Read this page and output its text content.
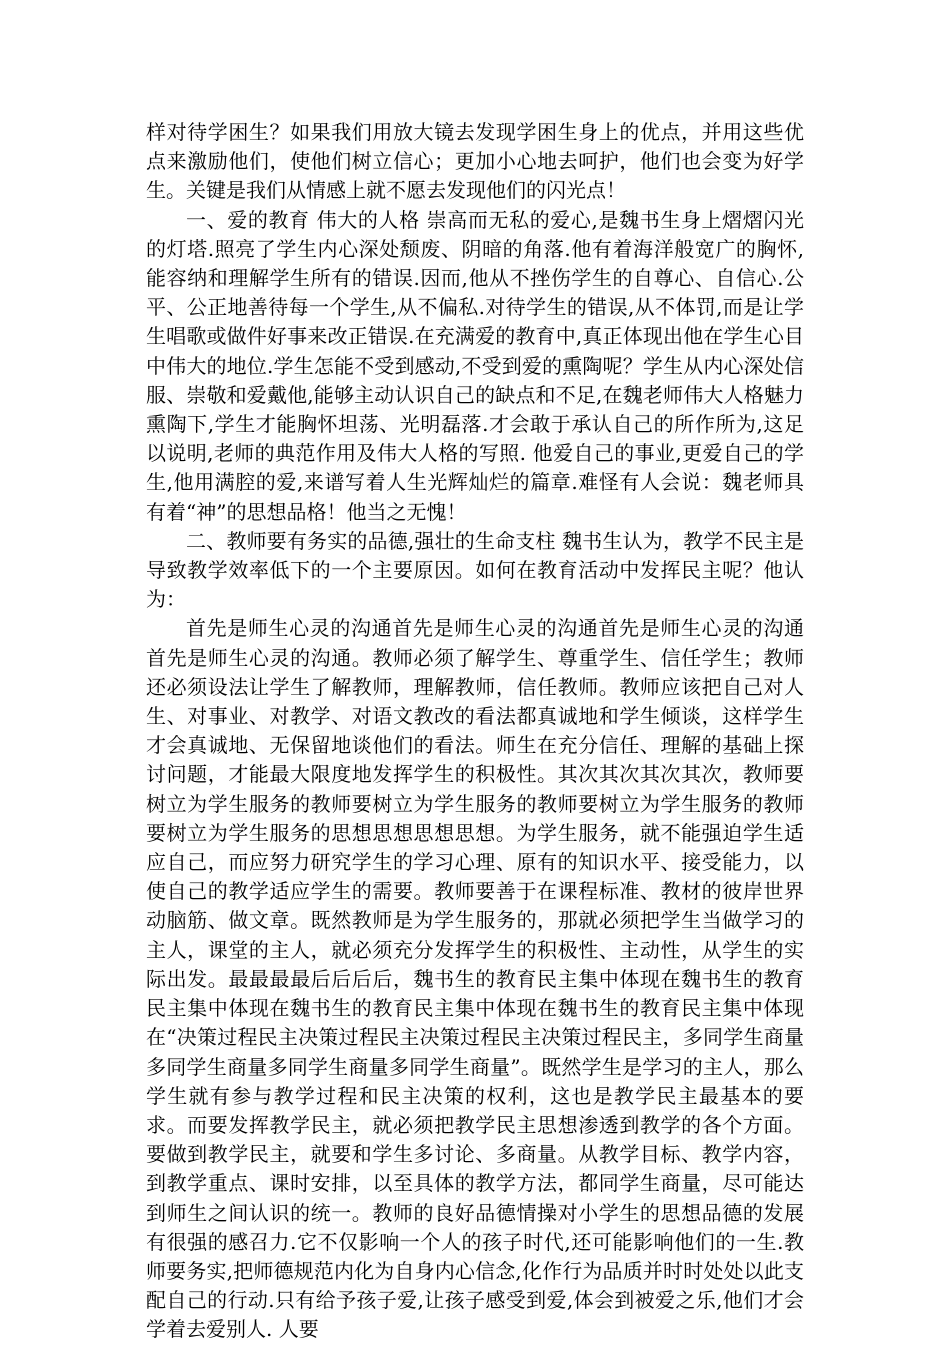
样对待学困生？如果我们用放大镜去发现学困生身上的优点，并用这些优点来激励他们，使他们树立信心；更加小心地去呵护，他们也会变为好学生。关键是我们从情感上就不愿去发现他们的闪光点！

一、爱的教育 伟大的人格 崇高而无私的爱心,是魏书生身上熠熠闪光的灯塔.照亮了学生内心深处颓废、阴暗的角落.他有着海洋般宽广的胸怀,能容纳和理解学生所有的错误.因而,他从不挫伤学生的自尊心、自信心.公平、公正地善待每一个学生,从不偏私.对待学生的错误,从不体罚,而是让学生唱歌或做件好事来改正错误.在充满爱的教育中,真正体现出他在学生心目中伟大的地位.学生怎能不受到感动,不受到爱的熏陶呢？学生从内心深处信服、崇敬和爱戴他,能够主动认识自己的缺点和不足,在魏老师伟大人格魅力熏陶下,学生才能胸怀坦荡、光明磊落.才会敢于承认自己的所作所为,这足以说明,老师的典范作用及伟大人格的写照. 他爱自己的事业,更爱自己的学生,他用满腔的爱,来谱写着人生光辉灿烂的篇章.难怪有人会说：魏老师具有着“神”的思想品格！他当之无愧！

二、教师要有务实的品德,强壮的生命支柱 魏书生认为，教学不民主是导致教学效率低下的一个主要原因。如何在教育活动中发挥民主呢？他认为：

首先是师生心灵的沟通首先是师生心灵的沟通首先是师生心灵的沟通首先是师生心灵的沟通。教师必须了解学生、尊重学生、信任学生；教师还必须设法让学生了解教师，理解教师，信任教师。教师应该把自己对人生、对事业、对教学、对语文教改的看法都真诚地和学生倾谈，这样学生才会真诚地、无保留地谈他们的看法。师生在充分信任、理解的基础上探讨问题，才能最大限度地发挥学生的积极性。其次其次其次其次，教师要树立为学生服务的教师要树立为学生服务的教师要树立为学生服务的教师要树立为学生服务的思想思想思想思想。为学生服务，就不能强迫学生适应自己，而应努力研究学生的学习心理、原有的知识水平、接受能力，以使自己的教学适应学生的需要。教师要善于在课程标准、教材的彼岸世界动脑筋、做文章。既然教师是为学生服务的，那就必须把学生当做学习的主人，课堂的主人，就必须充分发挥学生的积极性、主动性，从学生的实际出发。最最最最后后后后，魏书生的教育民主集中体现在魏书生的教育民主集中体现在魏书生的教育民主集中体现在魏书生的教育民主集中体现在“决策过程民主决策过程民主决策过程民主决策过程民主，多同学生商量多同学生商量多同学生商量多同学生商量”。既然学生是学习的主人，那么学生就有参与教学过程和民主决策的权利，这也是教学民主最基本的要求。而要发挥教学民主，就必须把教学民主思想渗透到教学的各个方面。要做到教学民主，就要和学生多讨论、多商量。从教学目标、教学内容，到教学重点、课时安排，以至具体的教学方法，都同学生商量，尽可能达到师生之间认识的统一。教师的良好品德情操对小学生的思想品德的发展有很强的感召力.它不仅影响一个人的孩子时代,还可能影响他们的一生.教师要务实,把师德规范内化为自身内心信念,化作行为品质并时时处处以此支配自己的行动.只有给予孩子爱,让孩子感受到爱,体会到被爱之乐,他们才会学着去爱别人. 人要
